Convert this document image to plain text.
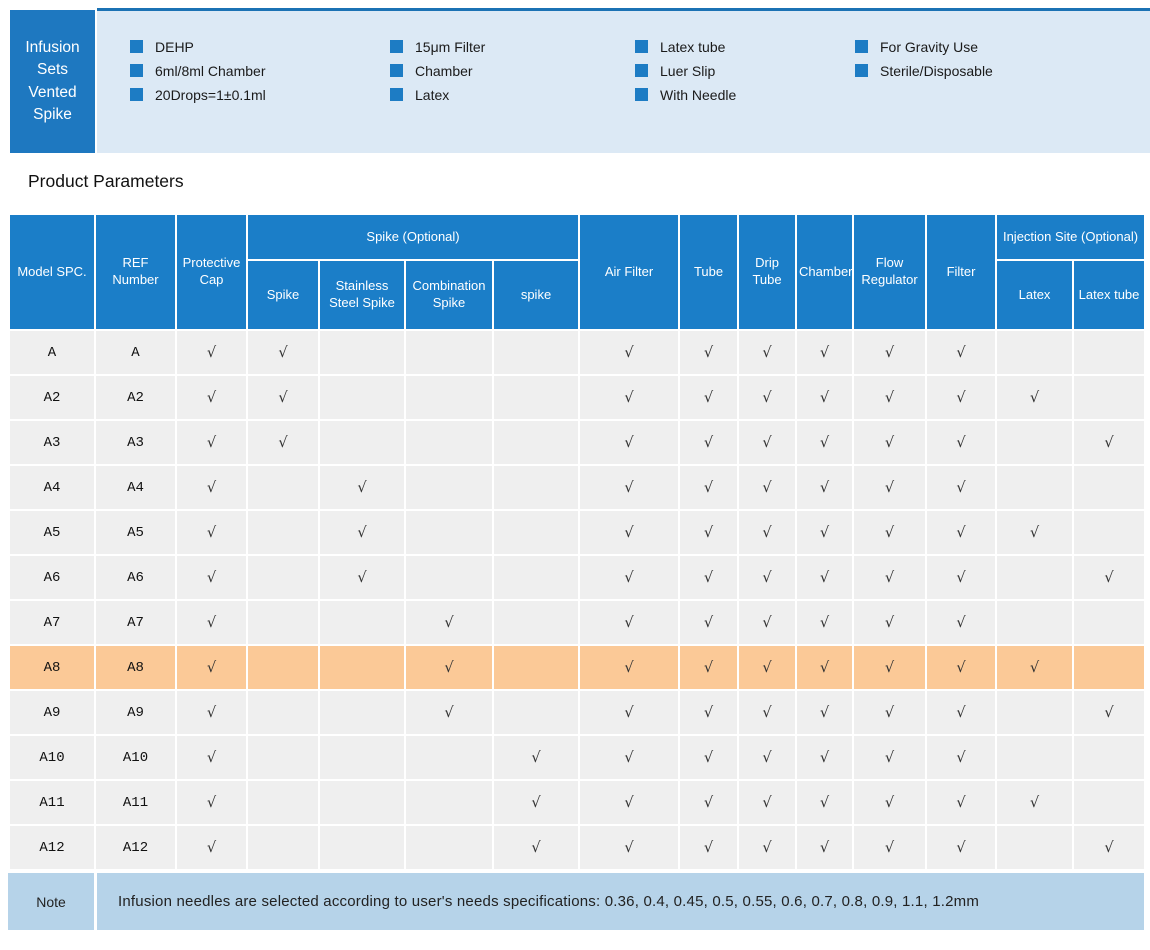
Infusion Sets Vented Spike
DEHP
6ml/8ml Chamber
20Drops=1±0.1ml
15μm Filter
Chamber
Latex
Latex tube
Luer Slip
With Needle
For Gravity Use
Sterile/Disposable
Product Parameters
Model SPC.	REF Number	Protective Cap	Spike (Optional)				Air Filter	Tube	Drip Tube	Chamber	Flow Regulator	Filter	Injection Site (Optional)	
			Spike	Stainless Steel Spike	Combination Spike	spike							Latex	Latex tube
A	A	√	√				√	√	√	√	√	√		
A2	A2	√	√				√	√	√	√	√	√	√	
A3	A3	√	√				√	√	√	√	√	√		√
A4	A4	√		√			√	√	√	√	√	√		
A5	A5	√		√			√	√	√	√	√	√	√	
A6	A6	√		√			√	√	√	√	√	√		√
A7	A7	√			√		√	√	√	√	√	√		
A8	A8	√			√		√	√	√	√	√	√	√	
A9	A9	√			√		√	√	√	√	√	√		√
A10	A10	√				√	√	√	√	√	√	√		
A11	A11	√				√	√	√	√	√	√	√	√	
A12	A12	√				√	√	√	√	√	√	√		√
Note	Infusion needles are selected according to user's needs specifications: 0.36, 0.4, 0.45, 0.5, 0.55, 0.6, 0.7, 0.8, 0.9, 1.1, 1.2mm
